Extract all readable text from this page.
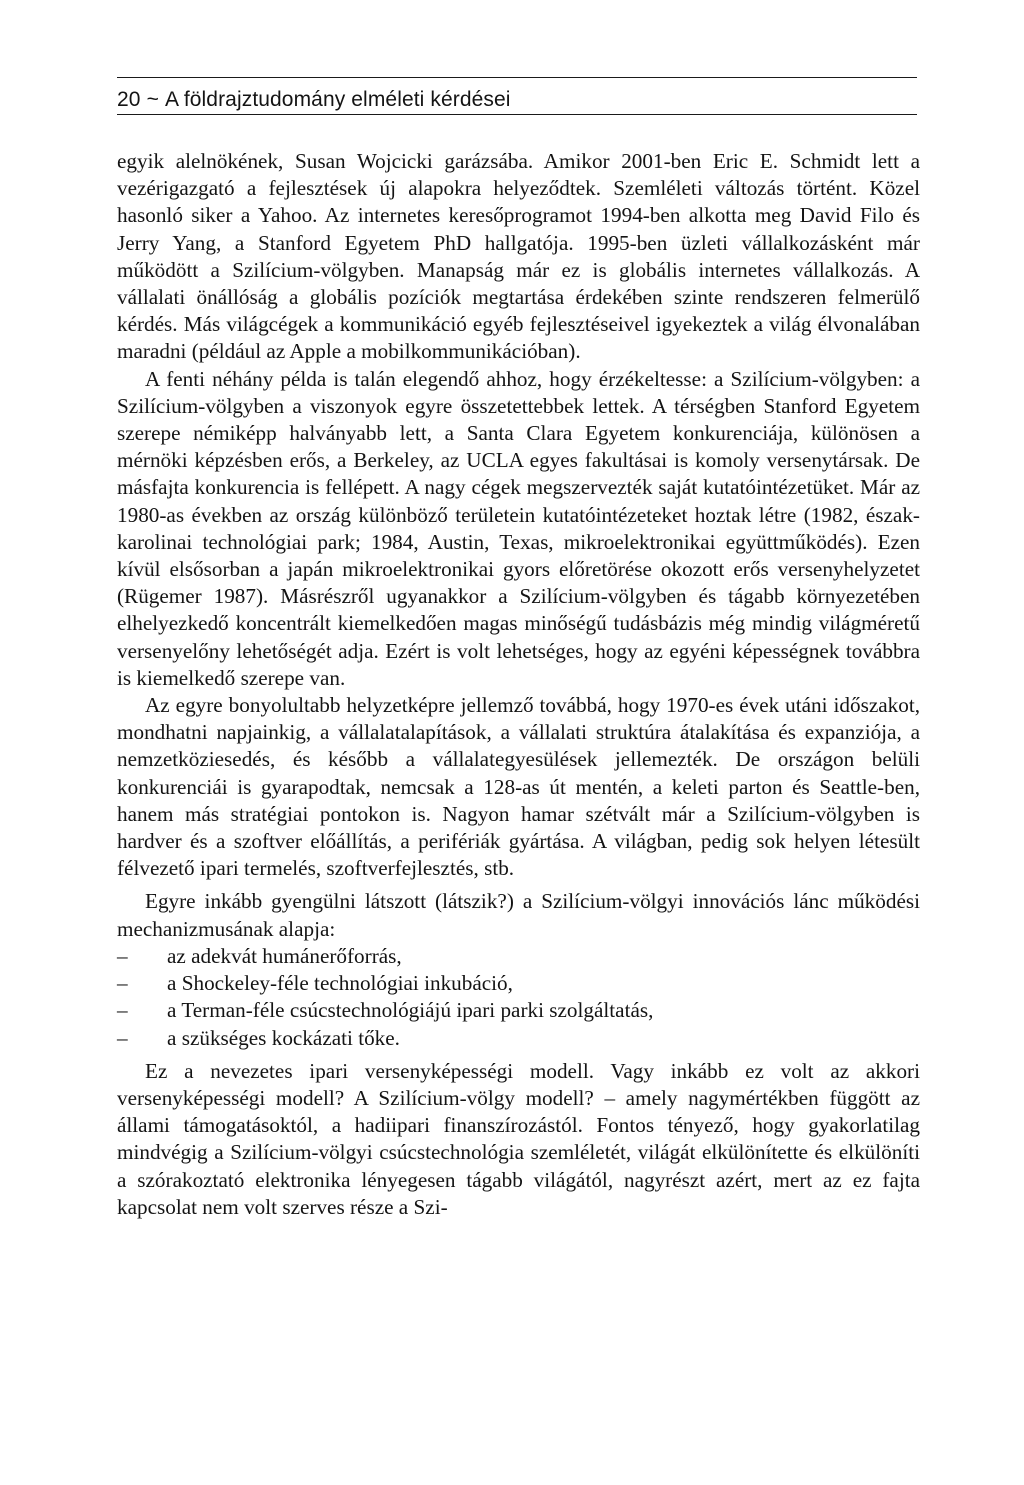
20 ~ A földrajztudomány elméleti kérdései

egyik alelnökének, Susan Wojcicki garázsába. Amikor 2001-ben Eric E. Schmidt lett a vezérigazgató a fejlesztések új alapokra helyeződtek. Szemléleti változás történt. Közel hasonló siker a Yahoo. Az internetes keresőprogramot 1994-ben alkotta meg David Filo és Jerry Yang, a Stanford Egyetem PhD hallgatója. 1995-ben üzleti vállalkozásként már működött a Szilícium-völgyben. Manapság már ez is globális internetes vállalkozás. A vállalati önállóság a globális pozíciók megtartása érdekében szinte rendszeren felmerülő kérdés. Más világcégek a kommunikáció egyéb fejlesztéseivel igyekeztek a világ élvonalában maradni (például az Apple a mobilkommunikációban).

A fenti néhány példa is talán elegendő ahhoz, hogy érzékeltesse: a Szilícium-völgyben: a Szilícium-völgyben a viszonyok egyre összetettebbek lettek. A térségben Stanford Egyetem szerepe némiképp halványabb lett, a Santa Clara Egyetem konkurenciája, különösen a mérnöki képzésben erős, a Berkeley, az UCLA egyes fakultásai is komoly versenytársak. De másfajta konkurencia is fellépett. A nagy cégek megszervezték saját kutatóintézetüket. Már az 1980-as években az ország különböző területein kutatóintézeteket hoztak létre (1982, észak-karolinai technológiai park; 1984, Austin, Texas, mikroelektronikai együttműködés). Ezen kívül elsősorban a japán mikroelektronikai gyors előretörése okozott erős versenyhelyzetet (Rügemer 1987). Másrészről ugyanakkor a Szilícium-völgyben és tágabb környezetében elhelyezkedő koncentrált kiemelkedően magas minőségű tudásbázis még mindig világméretű versenyelőny lehetőségét adja. Ezért is volt lehetséges, hogy az egyéni képességnek továbbra is kiemelkedő szerepe van.

Az egyre bonyolultabb helyzetképre jellemző továbbá, hogy 1970-es évek utáni időszakot, mondhatni napjainkig, a vállalatalapítások, a vállalati struktúra átalakítása és expanziója, a nemzetköziesedés, és később a vállalategyesülések jellemezték. De országon belüli konkurenciái is gyarapodtak, nemcsak a 128-as út mentén, a keleti parton és Seattle-ben, hanem más stratégiai pontokon is. Nagyon hamar szétvált már a Szilícium-völgyben is hardver és a szoftver előállítás, a perifériák gyártása. A világban, pedig sok helyen létesült félvezető ipari termelés, szoftverfejlesztés, stb.

Egyre inkább gyengülni látszott (látszik?) a Szilícium-völgyi innovációs lánc működési mechanizmusának alapja:

–	az adekvát humánerőforrás,
–	a Shockeley-féle technológiai inkubáció,
–	a Terman-féle csúcstechnológiájú ipari parki szolgáltatás,
–	a szükséges kockázati tőke.

Ez a nevezetes ipari versenyképességi modell. Vagy inkább ez volt az akkori versenyképességi modell? A Szilícium-völgy modell? – amely nagymértékben függött az állami támogatásoktól, a hadiipari finanszírozástól. Fontos tényező, hogy gyakorlatilag mindvégig a Szilícium-völgyi csúcstechnológia szemléletét, világát elkülönítette és elkülöníti a szórakoztató elektronika lényegesen tágabb világától, nagyrészt azért, mert az ez fajta kapcsolat nem volt szerves része a Szi-
